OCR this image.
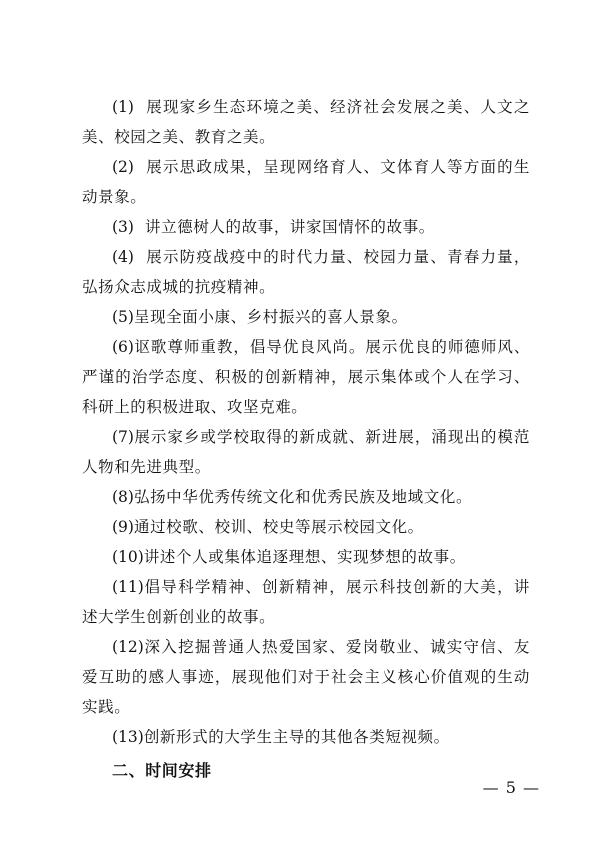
(1) 展现家乡生态环境之美、经济社会发展之美、人文之美、校园之美、教育之美。

(2) 展示思政成果，呈现网络育人、文体育人等方面的生动景象。

(3) 讲立德树人的故事，讲家国情怀的故事。

(4) 展示防疫战疫中的时代力量、校园力量、青春力量，弘扬众志成城的抗疫精神。

(5)呈现全面小康、乡村振兴的喜人景象。

(6)讴歌尊师重教，倡导优良风尚。展示优良的师德师风、严谨的治学态度、积极的创新精神，展示集体或个人在学习、科研上的积极进取、攻坚克难。

(7)展示家乡或学校取得的新成就、新进展，涌现出的模范人物和先进典型。

(8)弘扬中华优秀传统文化和优秀民族及地域文化。

(9)通过校歌、校训、校史等展示校园文化。

(10)讲述个人或集体追逐理想、实现梦想的故事。

(11)倡导科学精神、创新精神，展示科技创新的大美，讲述大学生创新创业的故事。

(12)深入挖掘普通人热爱国家、爱岗敬业、诚实守信、友爱互助的感人事迹，展现他们对于社会主义核心价值观的生动实践。

(13)创新形式的大学生主导的其他各类短视频。

二、时间安排

— 5 —
